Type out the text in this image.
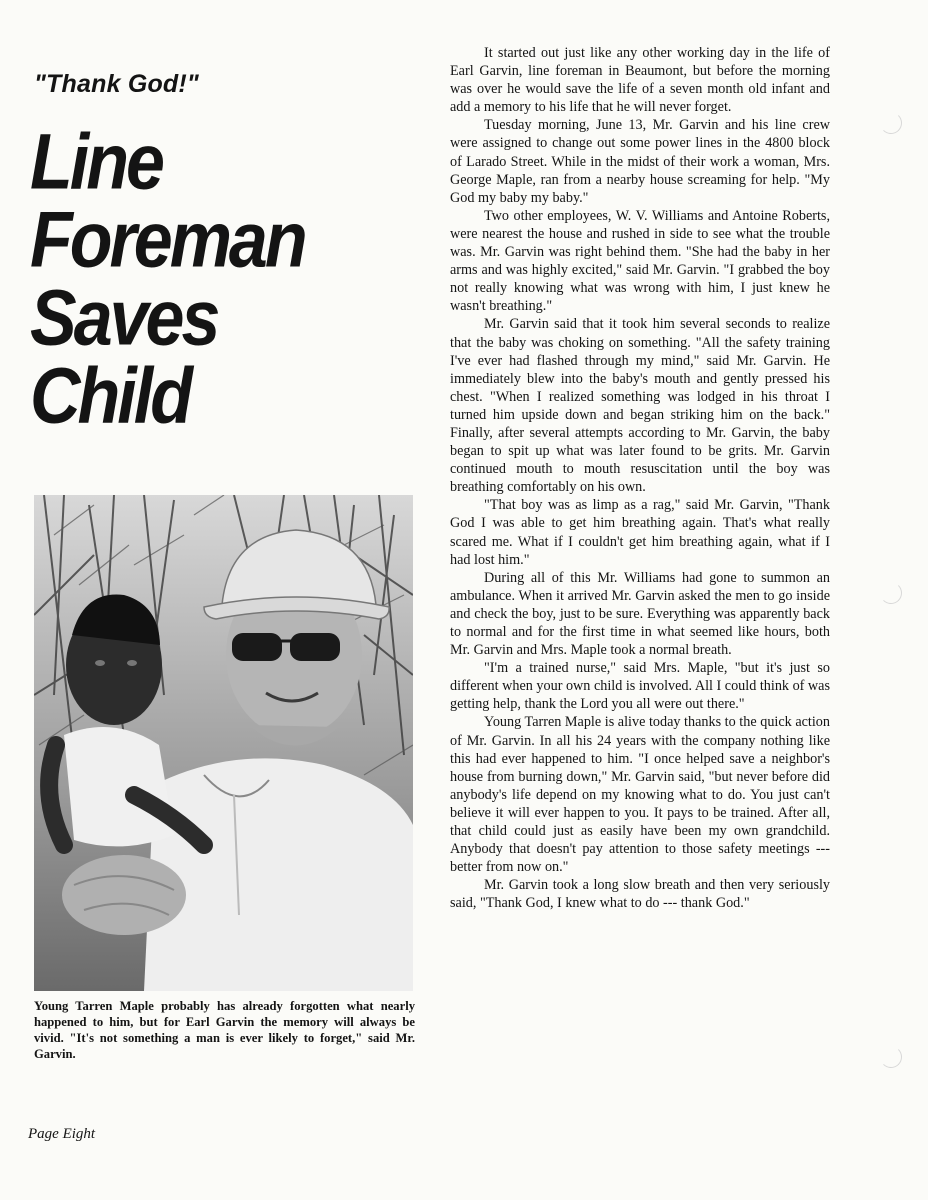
"Thank God!"
Line
Foreman
Saves
Child

Young Tarren Maple probably has already forgotten what nearly happened to him, but for Earl Garvin the memory will always be vivid. "It's not something a man is ever likely to forget," said Mr. Garvin.

Page Eight

It started out just like any other working day in the life of Earl Garvin, line foreman in Beaumont, but before the morning was over he would save the life of a seven month old infant and add a memory to his life that he will never forget.

Tuesday morning, June 13, Mr. Garvin and his line crew were assigned to change out some power lines in the 4800 block of Larado Street. While in the midst of their work a woman, Mrs. George Maple, ran from a nearby house screaming for help. "My God my baby my baby."

Two other employees, W. V. Williams and Antoine Roberts, were nearest the house and rushed in side to see what the trouble was. Mr. Garvin was right behind them. "She had the baby in her arms and was highly excited," said Mr. Garvin. "I grabbed the boy not really knowing what was wrong with him, I just knew he wasn't breathing."

Mr. Garvin said that it took him several seconds to realize that the baby was choking on something. "All the safety training I've ever had flashed through my mind," said Mr. Garvin. He immediately blew into the baby's mouth and gently pressed his chest. "When I realized something was lodged in his throat I turned him upside down and began striking him on the back." Finally, after several attempts according to Mr. Garvin, the baby began to spit up what was later found to be grits. Mr. Garvin continued mouth to mouth resuscitation until the boy was breathing comfortably on his own.

"That boy was as limp as a rag," said Mr. Garvin, "Thank God I was able to get him breathing again. That's what really scared me. What if I couldn't get him breathing again, what if I had lost him."

During all of this Mr. Williams had gone to summon an ambulance. When it arrived Mr. Garvin asked the men to go inside and check the boy, just to be sure. Everything was apparently back to normal and for the first time in what seemed like hours, both Mr. Garvin and Mrs. Maple took a normal breath.

"I'm a trained nurse," said Mrs. Maple, "but it's just so different when your own child is involved. All I could think of was getting help, thank the Lord you all were out there."

Young Tarren Maple is alive today thanks to the quick action of Mr. Garvin. In all his 24 years with the company nothing like this had ever happened to him. "I once helped save a neighbor's house from burning down," Mr. Garvin said, "but never before did anybody's life depend on my knowing what to do. You just can't believe it will ever happen to you. It pays to be trained. After all, that child could just as easily have been my own grandchild. Anybody that doesn't pay attention to those safety meetings --- better from now on."

Mr. Garvin took a long slow breath and then very seriously said, "Thank God, I knew what to do --- thank God."
